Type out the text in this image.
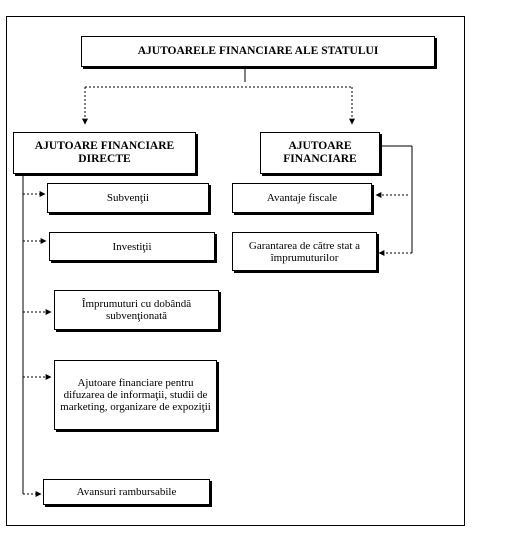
AJUTOARELE FINANCIARE ALE STATULUI
AJUTOARE FINANCIARE DIRECTE
AJUTOARE FINANCIARE
Subvenţii
Investiţii
Împrumuturi cu dobândă subvenţionată
Ajutoare financiare pentru difuzarea de informaţii, studii de marketing, organizare de expoziţii
Avansuri rambursabile
Avantaje fiscale
Garantarea de către stat a împrumuturilor
